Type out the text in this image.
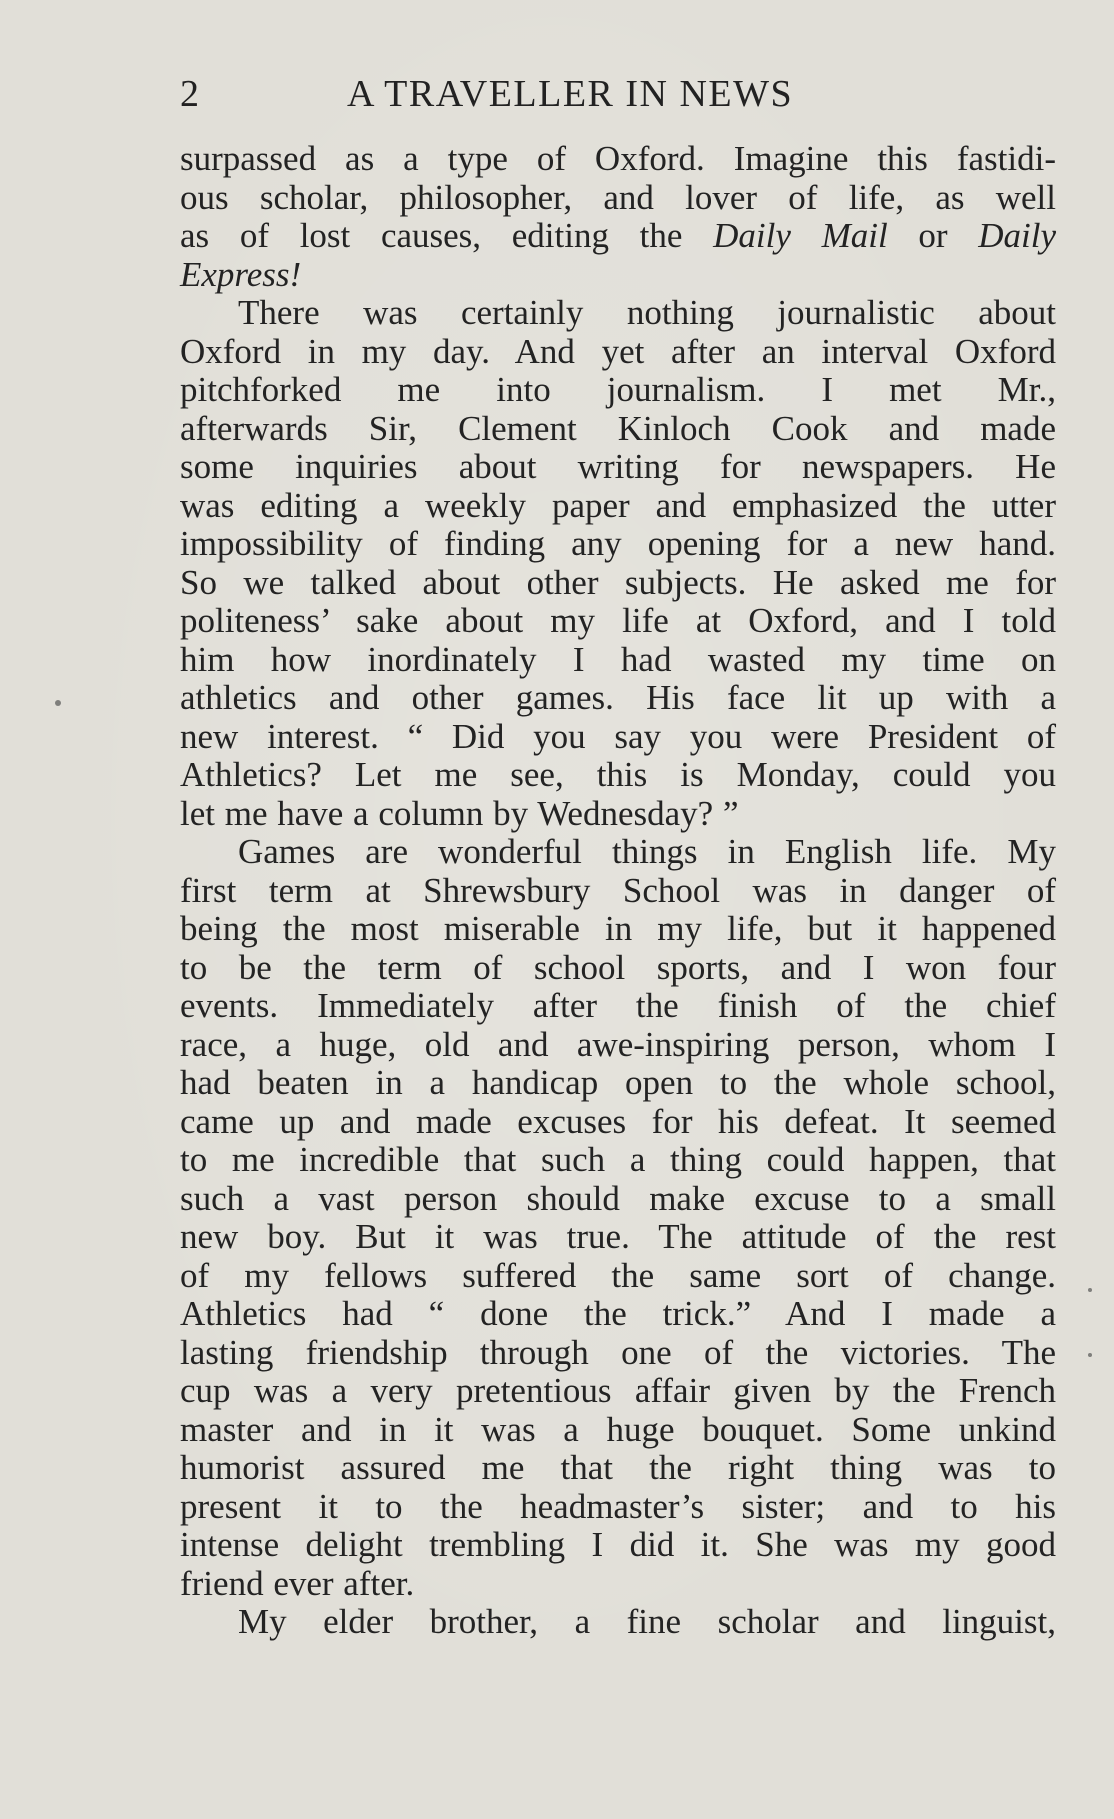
2	A TRAVELLER IN NEWS
surpassed as a type of Oxford. Imagine this fastidi-
ous scholar, philosopher, and lover of life, as well
as of lost causes, editing the Daily Mail or Daily
Express!
There was certainly nothing journalistic about
Oxford in my day. And yet after an interval Oxford
pitchforked me into journalism. I met Mr.,
afterwards Sir, Clement Kinloch Cook and made
some inquiries about writing for newspapers. He
was editing a weekly paper and emphasized the utter
impossibility of finding any opening for a new hand.
So we talked about other subjects. He asked me for
politeness’ sake about my life at Oxford, and I told
him how inordinately I had wasted my time on
athletics and other games. His face lit up with a
new interest. “ Did you say you were President of
Athletics? Let me see, this is Monday, could you
let me have a column by Wednesday? ”
Games are wonderful things in English life. My
first term at Shrewsbury School was in danger of
being the most miserable in my life, but it happened
to be the term of school sports, and I won four
events. Immediately after the finish of the chief
race, a huge, old and awe-inspiring person, whom I
had beaten in a handicap open to the whole school,
came up and made excuses for his defeat. It seemed
to me incredible that such a thing could happen, that
such a vast person should make excuse to a small
new boy. But it was true. The attitude of the rest
of my fellows suffered the same sort of change.
Athletics had “ done the trick.” And I made a
lasting friendship through one of the victories. The
cup was a very pretentious affair given by the French
master and in it was a huge bouquet. Some unkind
humorist assured me that the right thing was to
present it to the headmaster’s sister; and to his
intense delight trembling I did it. She was my good
friend ever after.
My elder brother, a fine scholar and linguist,
